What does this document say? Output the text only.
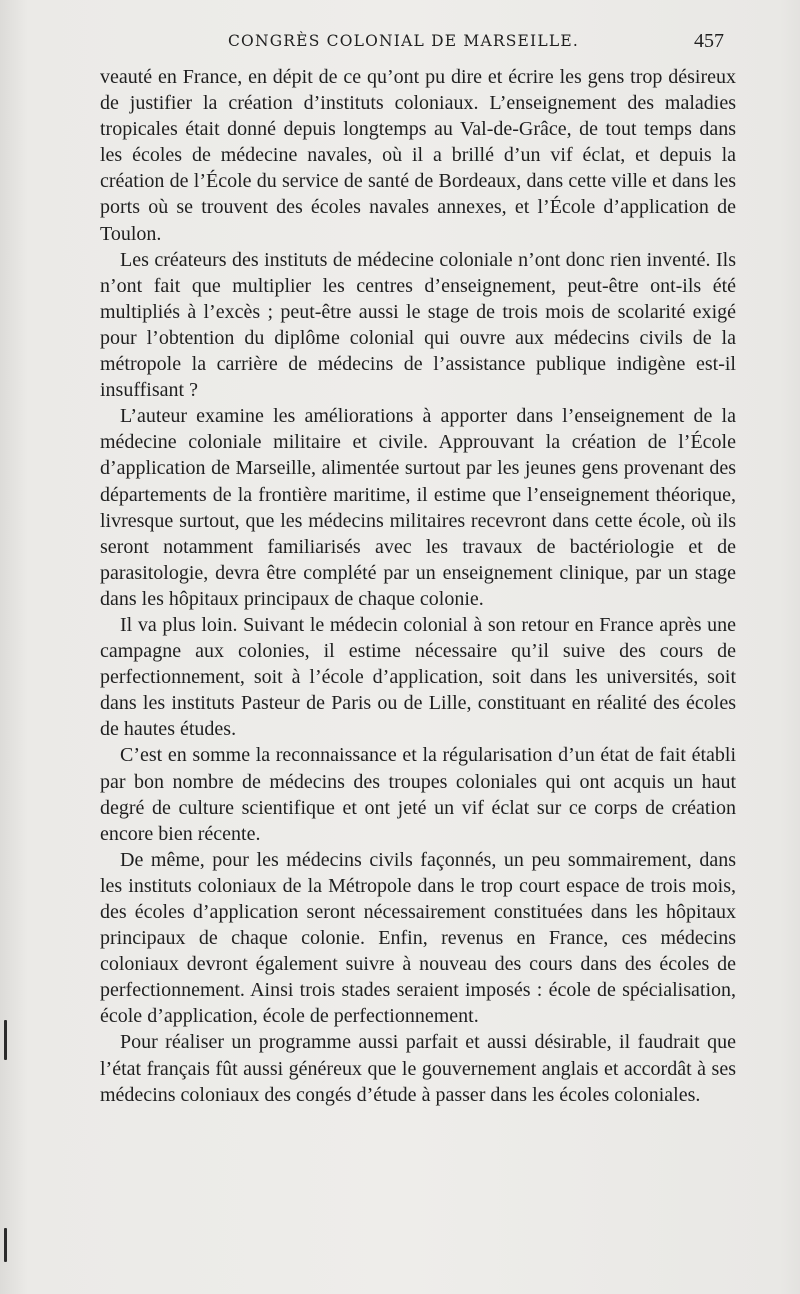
CONGRÈS COLONIAL DE MARSEILLE.	457

veauté en France, en dépit de ce qu’ont pu dire et écrire les gens trop désireux de justifier la création d’instituts coloniaux. L’enseignement des maladies tropicales était donné depuis longtemps au Val-de-Grâce, de tout temps dans les écoles de médecine navales, où il a brillé d’un vif éclat, et depuis la création de l’École du service de santé de Bordeaux, dans cette ville et dans les ports où se trouvent des écoles navales annexes, et l’École d’application de Toulon.

Les créateurs des instituts de médecine coloniale n’ont donc rien inventé. Ils n’ont fait que multiplier les centres d’enseignement, peut-être ont-ils été multipliés à l’excès ; peut-être aussi le stage de trois mois de scolarité exigé pour l’obtention du diplôme colonial qui ouvre aux médecins civils de la métropole la carrière de médecins de l’assistance publique indigène est-il insuffisant ?

L’auteur examine les améliorations à apporter dans l’enseignement de la médecine coloniale militaire et civile. Approuvant la création de l’École d’application de Marseille, alimentée surtout par les jeunes gens provenant des départements de la frontière maritime, il estime que l’enseignement théorique, livresque surtout, que les médecins militaires recevront dans cette école, où ils seront notamment familiarisés avec les travaux de bactériologie et de parasitologie, devra être complété par un enseignement clinique, par un stage dans les hôpitaux principaux de chaque colonie.

Il va plus loin. Suivant le médecin colonial à son retour en France après une campagne aux colonies, il estime nécessaire qu’il suive des cours de perfectionnement, soit à l’école d’application, soit dans les universités, soit dans les instituts Pasteur de Paris ou de Lille, constituant en réalité des écoles de hautes études.

C’est en somme la reconnaissance et la régularisation d’un état de fait établi par bon nombre de médecins des troupes coloniales qui ont acquis un haut degré de culture scientifique et ont jeté un vif éclat sur ce corps de création encore bien récente.

De même, pour les médecins civils façonnés, un peu sommairement, dans les instituts coloniaux de la Métropole dans le trop court espace de trois mois, des écoles d’application seront nécessairement constituées dans les hôpitaux principaux de chaque colonie. Enfin, revenus en France, ces médecins coloniaux devront également suivre à nouveau des cours dans des écoles de perfectionnement. Ainsi trois stades seraient imposés : école de spécialisation, école d’application, école de perfectionnement.

Pour réaliser un programme aussi parfait et aussi désirable, il faudrait que l’état français fût aussi généreux que le gouvernement anglais et accordât à ses médecins coloniaux des congés d’étude à passer dans les écoles coloniales.
